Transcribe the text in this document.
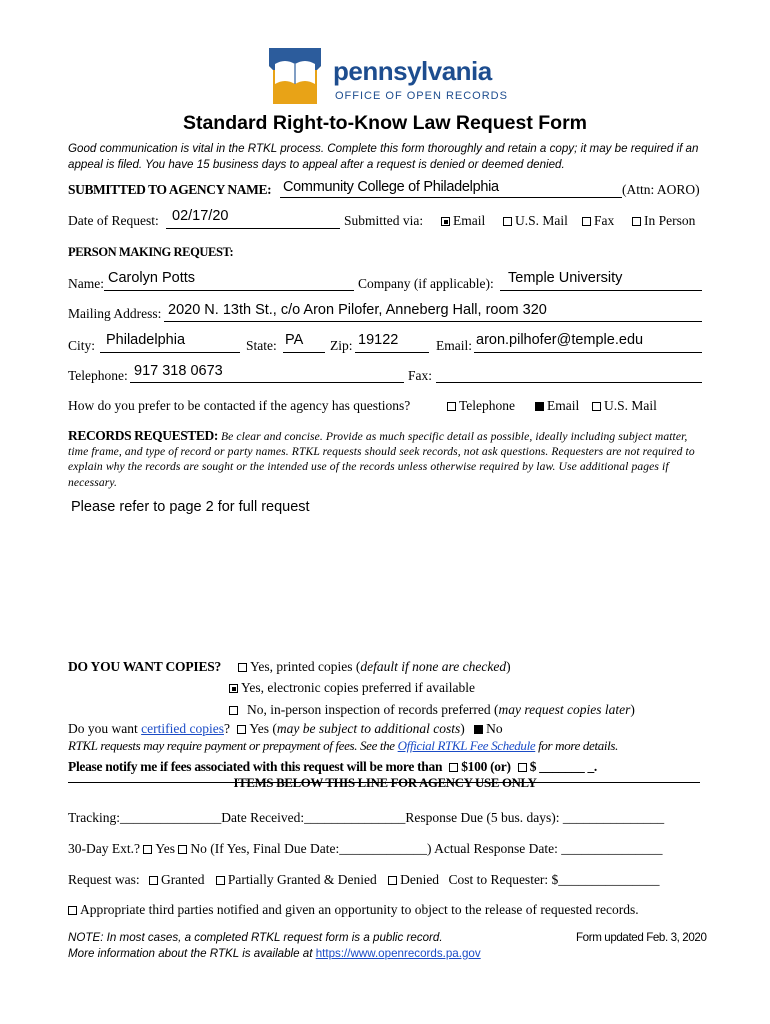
pennsylvania
OFFICE OF OPEN RECORDS
Standard Right-to-Know Law Request Form
Good communication is vital in the RTKL process. Complete this form thoroughly and retain a copy; it may be required if an appeal is filed. You have 15 business days to appeal after a request is denied or deemed denied.
SUBMITTED TO AGENCY NAME: Community College of Philadelphia	(Attn: AORO)
Date of Request: 02/17/20	Submitted via:	Email	U.S. Mail	Fax	In Person
PERSON MAKING REQUEST:
Name: Carolyn Potts	Company (if applicable): Temple University
Mailing Address: 2020 N. 13th St., c/o Aron Pilofer, Anneberg Hall, room 320
City: Philadelphia	State: PA Zip: 19122	Email: aron.pilhofer@temple.edu
Telephone: 917 318 0673	Fax:
How do you prefer to be contacted if the agency has questions?	Telephone	Email	U.S. Mail
RECORDS REQUESTED: Be clear and concise. Provide as much specific detail as possible, ideally including subject matter, time frame, and type of record or party names. RTKL requests should seek records, not ask questions. Requesters are not required to explain why the records are sought or the intended use of the records unless otherwise required by law. Use additional pages if necessary.
Please refer to page 2 for full request
DO YOU WANT COPIES?	Yes, printed copies (default if none are checked)
Yes, electronic copies preferred if available
No, in-person inspection of records preferred (may request copies later)
Do you want certified copies? Yes (may be subject to additional costs) No
RTKL requests may require payment or prepayment of fees. See the Official RTKL Fee Schedule for more details.
Please notify me if fees associated with this request will be more than $100 (or) $ _______ _.
ITEMS BELOW THIS LINE FOR AGENCY USE ONLY
Tracking:_______________Date Received:_______________Response Due (5 bus. days): _______________
30-Day Ext.? Yes No (If Yes, Final Due Date:_____________) Actual Response Date: _______________
Request was: Granted Partially Granted & Denied Denied Cost to Requester: $_______________
Appropriate third parties notified and given an opportunity to object to the release of requested records.
NOTE: In most cases, a completed RTKL request form is a public record.
More information about the RTKL is available at https://www.openrecords.pa.gov
Form updated Feb. 3, 2020
